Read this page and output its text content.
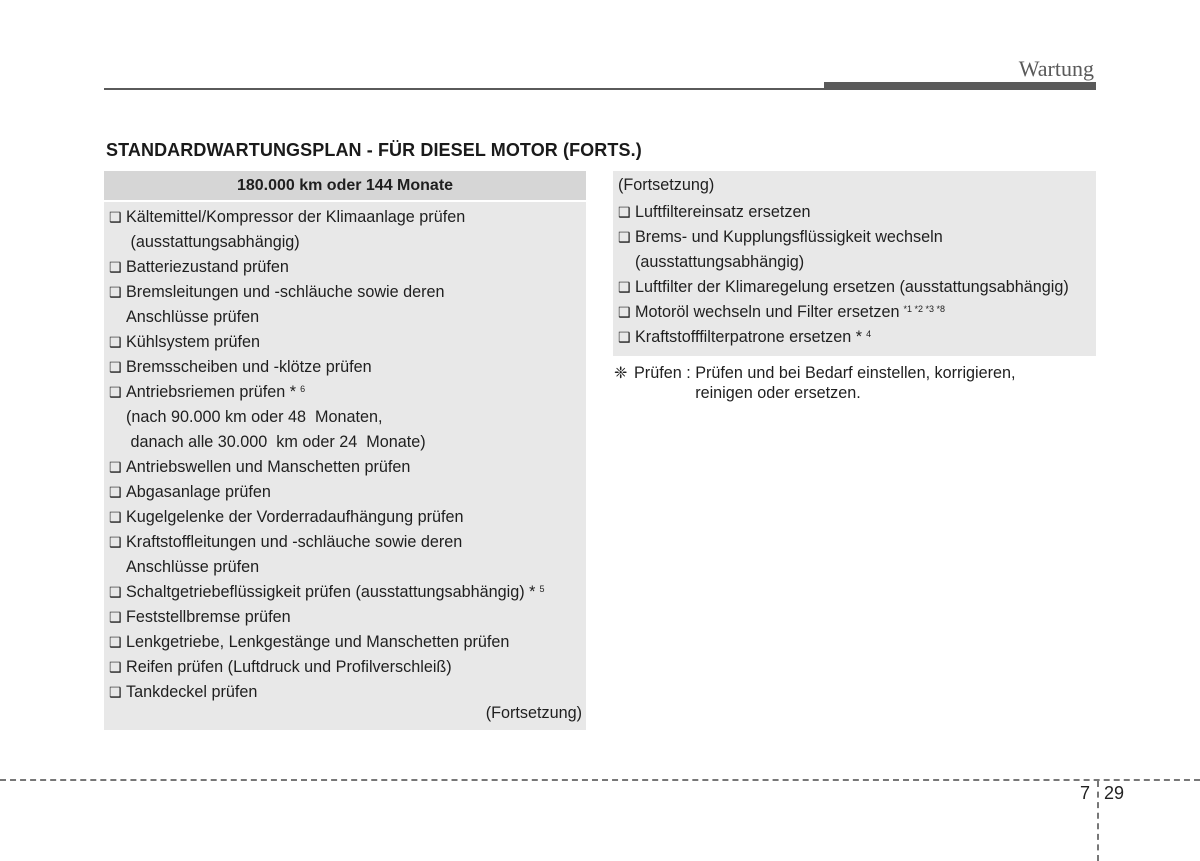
Wartung
STANDARDWARTUNGSPLAN - FÜR DIESEL MOTOR (FORTS.)
180.000 km oder 144 Monate
❑ Kältemittel/Kompressor der Klimaanlage prüfen
(ausstattungsabhängig)
❑ Batteriezustand prüfen
❑ Bremsleitungen und -schläuche sowie deren
Anschlüsse prüfen
❑ Kühlsystem prüfen
❑ Bremsscheiben und -klötze prüfen
❑ Antriebsriemen prüfen * $^6$
(nach 90.000 km oder 48  Monaten,
danach alle 30.000  km oder 24  Monate)
❑ Antriebswellen und Manschetten prüfen
❑ Abgasanlage prüfen
❑ Kugelgelenke der Vorderradaufhängung prüfen
❑ Kraftstoffleitungen und -schläuche sowie deren
Anschlüsse prüfen
❑ Schaltgetriebeflüssigkeit prüfen (ausstattungsabhängig) * $^5$
❑ Feststellbremse prüfen
❑ Lenkgetriebe, Lenkgestänge und Manschetten prüfen
❑ Reifen prüfen (Luftdruck und Profilverschleiß)
❑ Tankdeckel prüfen
(Fortsetzung)
(Fortsetzung)
❑ Luftfiltereinsatz ersetzen
❑ Brems- und Kupplungsflüssigkeit wechseln
(ausstattungsabhängig)
❑ Luftfilter der Klimaregelung ersetzen (ausstattungsabhängig)
❑ Motoröl wechseln und Filter ersetzen $^{*1 *2 *3 *8}$
❑ Kraftstofffilterpatrone ersetzen * $^4$
❈ Prüfen : Prüfen und bei Bedarf einstellen, korrigieren, reinigen oder ersetzen.
7 29
